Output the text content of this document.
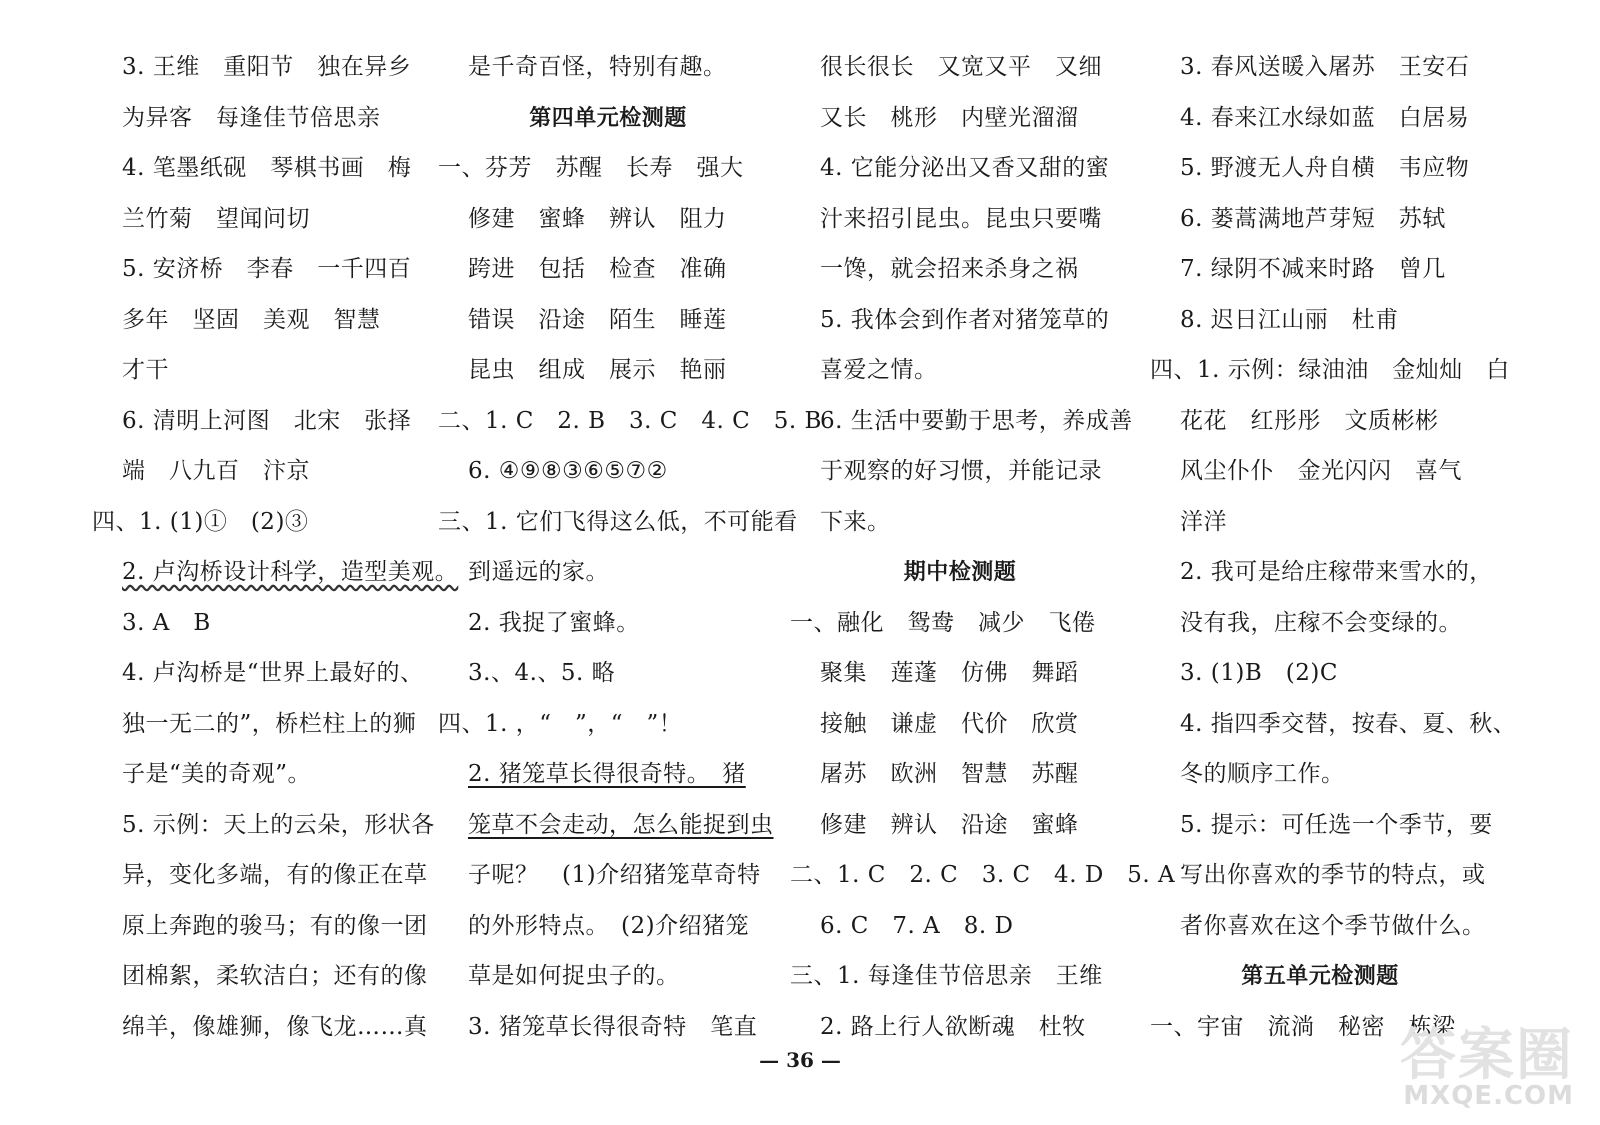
3. 王维　重阳节　独在异乡
为异客　每逢佳节倍思亲
4. 笔墨纸砚　琴棋书画　梅
兰竹菊　望闻问切
5. 安济桥　李春　一千四百
多年　坚固　美观　智慧
才干
6. 清明上河图　北宋　张择
端　八九百　汴京
四、1. (1)①　(2)③
2. 卢沟桥设计科学，造型美观。
3. A　B
4. 卢沟桥是“世界上最好的、
独一无二的”，桥栏柱上的狮
子是“美的奇观”。
5. 示例：天上的云朵，形状各
异，变化多端，有的像正在草
原上奔跑的骏马；有的像一团
团棉絮，柔软洁白；还有的像
绵羊，像雄狮，像飞龙……真
是千奇百怪，特别有趣。
第四单元检测题
一、芬芳　苏醒　长寿　强大
修建　蜜蜂　辨认　阻力
跨进　包括　检查　准确
错误　沿途　陌生　睡莲
昆虫　组成　展示　艳丽
二、1. C　2. B　3. C　4. C　5. B
6. ④⑨⑧③⑥⑤⑦②
三、1. 它们飞得这么低，不可能看
到遥远的家。
2. 我捉了蜜蜂。
3.、4.、5. 略
四、1. ，“　”，“　”！
2. 猪笼草长得很奇特。　猪
笼草不会走动，怎么能捉到虫
子呢？　(1)介绍猪笼草奇特
的外形特点。　(2)介绍猪笼
草是如何捉虫子的。
3. 猪笼草长得很奇特　笔直
很长很长　又宽又平　又细
又长　桃形　内壁光溜溜
4. 它能分泌出又香又甜的蜜
汁来招引昆虫。昆虫只要嘴
一馋，就会招来杀身之祸
5. 我体会到作者对猪笼草的
喜爱之情。
6. 生活中要勤于思考，养成善
于观察的好习惯，并能记录
下来。
期中检测题
一、融化　鸳鸯　减少　飞倦
聚集　莲蓬　仿佛　舞蹈
接触　谦虚　代价　欣赏
屠苏　欧洲　智慧　苏醒
修建　辨认　沿途　蜜蜂
二、1. C　2. C　3. C　4. D　5. A
6. C　7. A　8. D
三、1. 每逢佳节倍思亲　王维
2. 路上行人欲断魂　杜牧
3. 春风送暖入屠苏　王安石
4. 春来江水绿如蓝　白居易
5. 野渡无人舟自横　韦应物
6. 蒌蒿满地芦芽短　苏轼
7. 绿阴不减来时路　曾几
8. 迟日江山丽　杜甫
四、1. 示例：绿油油　金灿灿　白
花花　红彤彤　文质彬彬
风尘仆仆　金光闪闪　喜气
洋洋
2. 我可是给庄稼带来雪水的，
没有我，庄稼不会变绿的。
3. (1)B　(2)C
4. 指四季交替，按春、夏、秋、
冬的顺序工作。
5. 提示：可任选一个季节，要
写出你喜欢的季节的特点，或
者你喜欢在这个季节做什么。
第五单元检测题
一、宇宙　流淌　秘密　栋梁
— 36 —	答案圈
MXQE.COM
